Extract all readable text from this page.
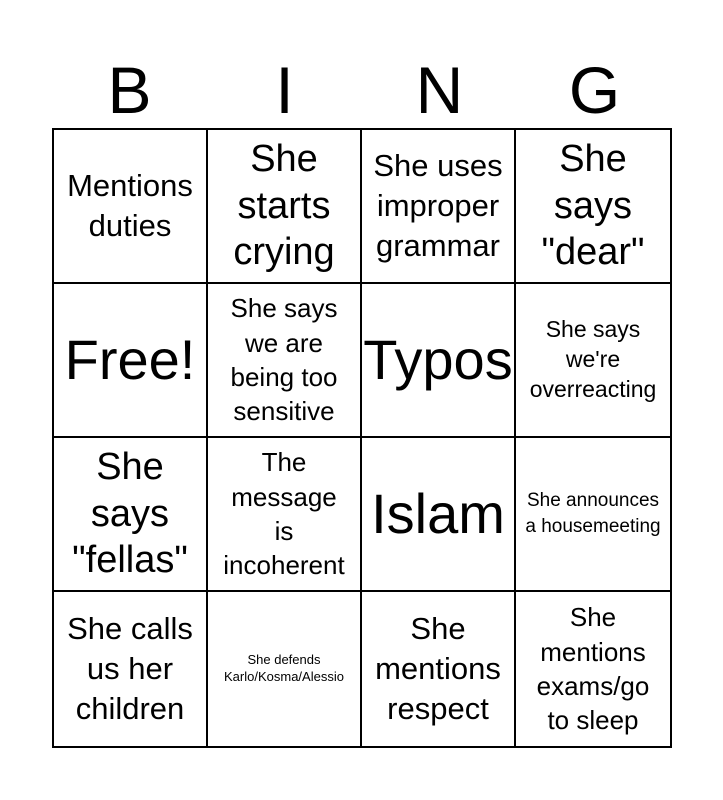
B	I	N	G
Mentions duties
She starts crying
She uses improper grammar
She says "dear"
Free!
She says we are being too sensitive
Typos	She says we're overreacting
She says "fellas"
The message is incoherent
Islam She announces a housemeeting
She calls us her children
She defends Karlo/Kosma/Alessio
She mentions respect
She mentions exams/go to sleep
